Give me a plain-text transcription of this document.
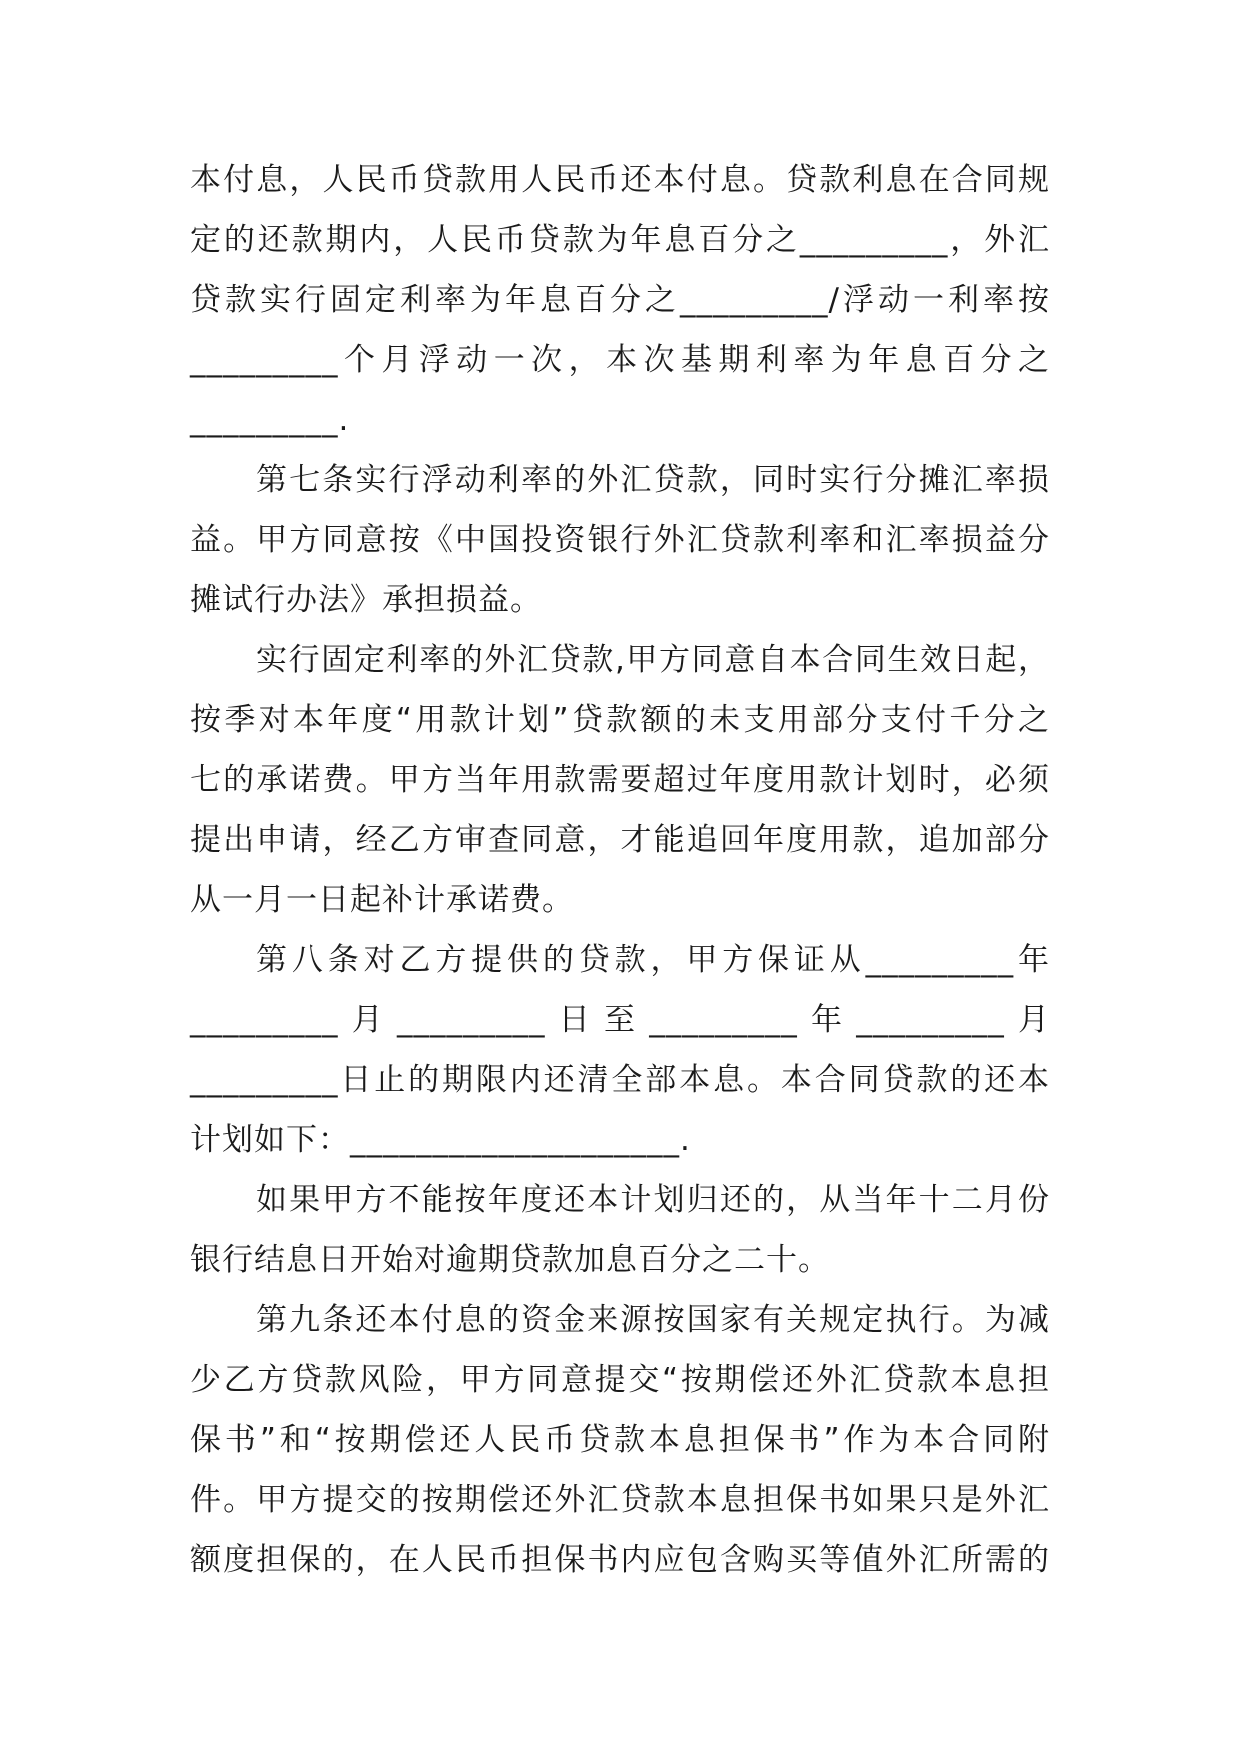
本付息，人民币贷款用人民币还本付息。贷款利息在合同规
定的还款期内，人民币贷款为年息百分之_________，外汇
贷款实行固定利率为年息百分之_________/浮动一利率按
_________个月浮动一次，本次基期利率为年息百分之
_________.
第七条实行浮动利率的外汇贷款，同时实行分摊汇率损
益。甲方同意按《中国投资银行外汇贷款利率和汇率损益分
摊试行办法》承担损益。
实行固定利率的外汇贷款,甲方同意自本合同生效日起，
按季对本年度“用款计划”贷款额的未支用部分支付千分之
七的承诺费。甲方当年用款需要超过年度用款计划时，必须
提出申请，经乙方审查同意，才能追回年度用款，追加部分
从一月一日起补计承诺费。
第八条对乙方提供的贷款，甲方保证从_________年
_________月_________日至_________年_________月
_________日止的期限内还清全部本息。本合同贷款的还本
计划如下：____________________.
如果甲方不能按年度还本计划归还的，从当年十二月份
银行结息日开始对逾期贷款加息百分之二十。
第九条还本付息的资金来源按国家有关规定执行。为减
少乙方贷款风险，甲方同意提交“按期偿还外汇贷款本息担
保书”和“按期偿还人民币贷款本息担保书”作为本合同附
件。甲方提交的按期偿还外汇贷款本息担保书如果只是外汇
额度担保的，在人民币担保书内应包含购买等值外汇所需的
